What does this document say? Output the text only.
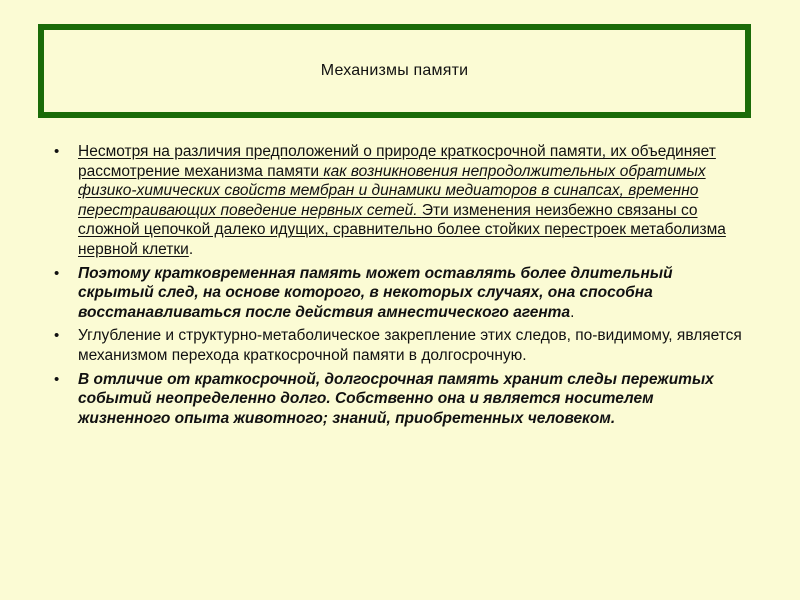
Механизмы памяти
• Несмотря на различия предположений о природе краткосрочной памяти, их объединяет рассмотрение механизма памяти как возникновения непродолжительных обратимых физико-химических свойств мембран и динамики медиаторов в синапсах, временно перестраивающих поведение нервных сетей. Эти изменения неизбежно связаны со сложной цепочкой далеко идущих, сравнительно более стойких перестроек метаболизма нервной клетки.
• Поэтому кратковременная память может оставлять более длительный скрытый след, на основе которого, в некоторых случаях, она способна восстанавливаться после действия амнестического агента.
• Углубление и структурно-метаболическое закрепление этих следов, по-видимому, является механизмом перехода краткосрочной памяти в долгосрочную.
• В отличие от краткосрочной, долгосрочная память хранит следы пережитых событий неопределенно долго. Собственно она и является носителем жизненного опыта животного; знаний, приобретенных человеком.
